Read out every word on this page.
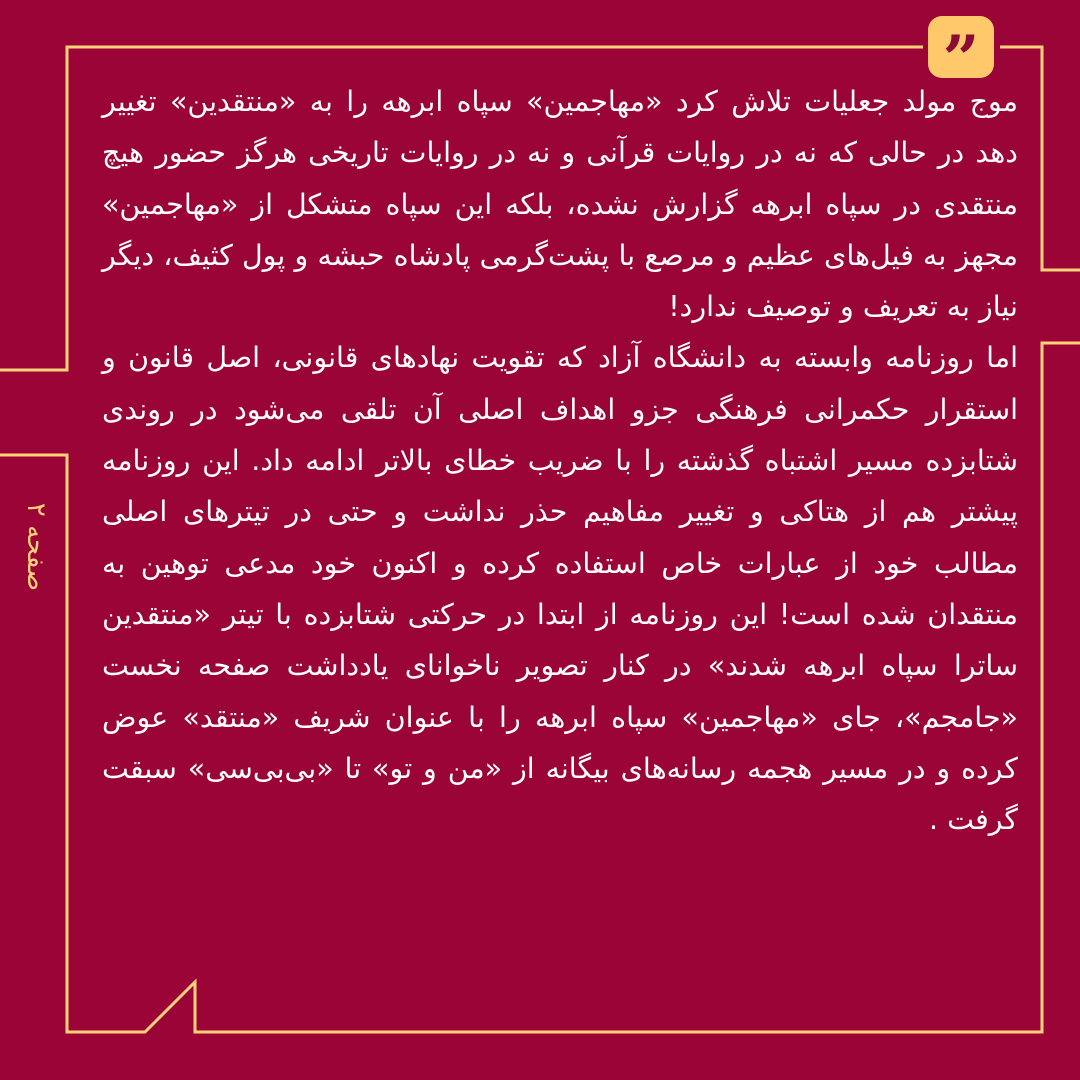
”

موج مولد جعلیات تلاش کرد «مهاجمین» سپاه ابرهه را به «منتقدین» تغییر دهد در حالی که نه در روایات قرآنی و نه در روایات تاریخی هرگز حضور هیچ منتقدی در سپاه ابرهه گزارش نشده، بلکه این سپاه متشکل از «مهاجمین» مجهز به فیل‌های عظیم و مرصع با پشت‌گرمی پادشاه حبشه و پول کثیف، دیگر نیاز به تعریف و توصیف ندارد!

اما روزنامه وابسته به دانشگاه آزاد که تقویت نهادهای قانونی، اصل قانون و استقرار حکمرانی فرهنگی جزو اهداف اصلی آن تلقی می‌شود در روندی شتابزده مسیر اشتباه گذشته را با ضریب خطای بالاتر ادامه داد. این روزنامه پیشتر هم از هتاکی و تغییر مفاهیم حذر نداشت و حتی در تیترهای اصلی مطالب خود از عبارات خاص استفاده کرده و اکنون خود مدعی توهین به منتقدان شده است! این روزنامه از ابتدا در حرکتی شتابزده با تیتر «منتقدین ساترا سپاه ابرهه شدند» در کنار تصویر ناخوانای یادداشت صفحه نخست «جامجم»، جای «مهاجمین» سپاه ابرهه را با عنوان شریف «منتقد» عوض کرده و در مسیر هجمه رسانه‌های بیگانه از «من و تو» تا «بی‌بی‌سی» سبقت گرفت .

صفحه ۲
